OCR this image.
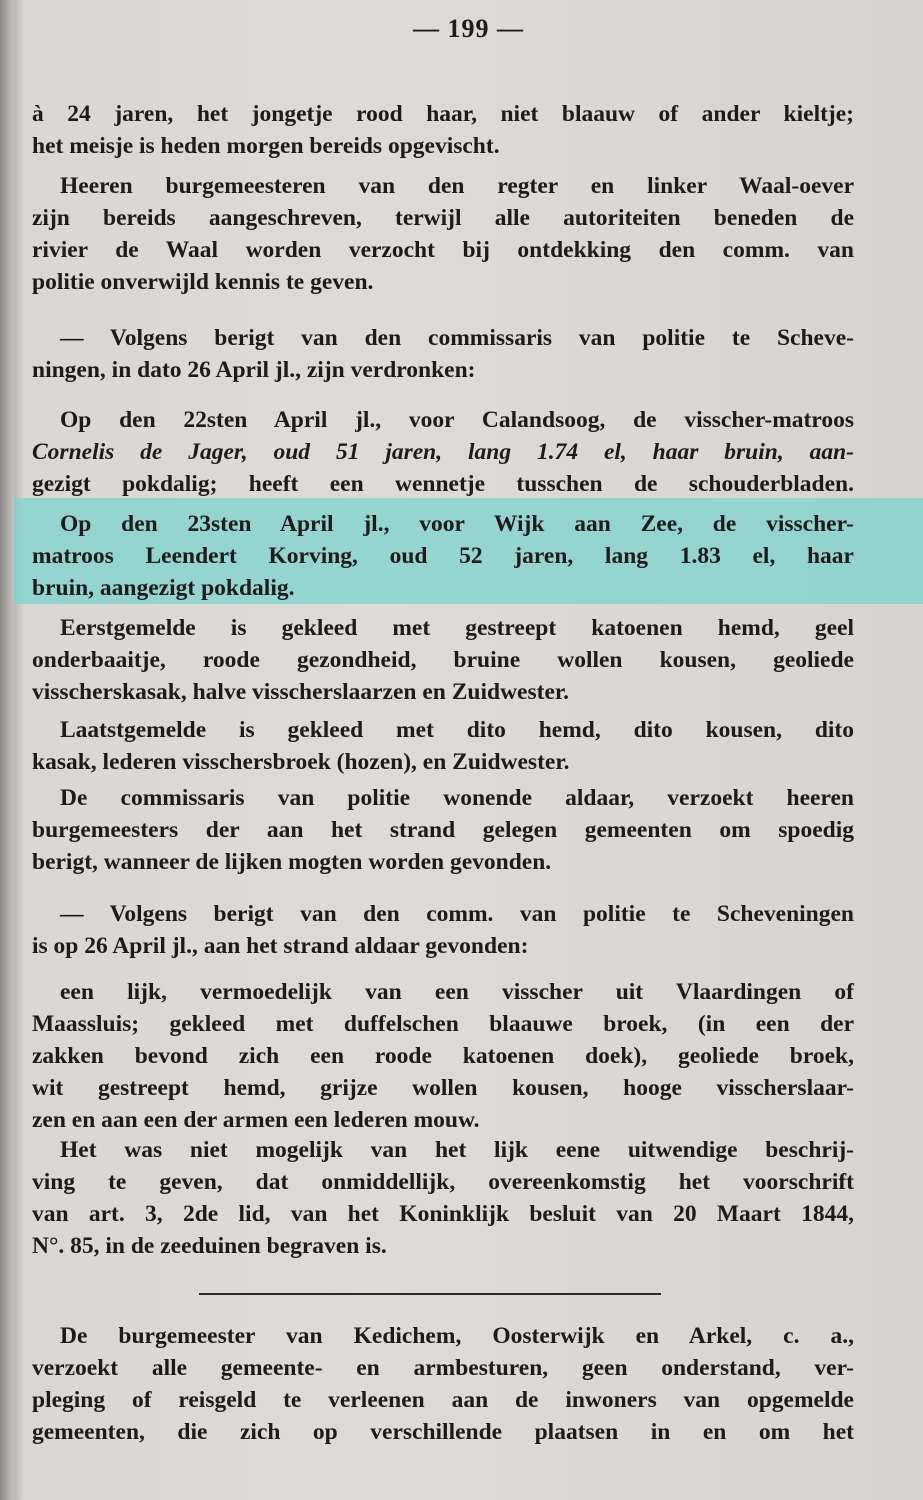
— 199 —
à 24 jaren, het jongetje rood haar, niet blaauw of ander kieltje;
het meisje is heden morgen bereids opgevischt.
Heeren burgemeesteren van den regter en linker Waal-oever
zijn bereids aangeschreven, terwijl alle autoriteiten beneden de
rivier de Waal worden verzocht bij ontdekking den comm. van
politie onverwijld kennis te geven.
— Volgens berigt van den commissaris van politie te Scheve-
ningen, in dato 26 April jl., zijn verdronken:
Op den 22sten April jl., voor Calandsoog, de visscher-matroos
Cornelis de Jager, oud 51 jaren, lang 1.74 el, haar bruin, aan-
gezigt pokdalig; heeft een wennetje tusschen de schouderbladen.
Op den 23sten April jl., voor Wijk aan Zee, de visscher-
matroos Leendert Korving, oud 52 jaren, lang 1.83 el, haar
bruin, aangezigt pokdalig.
Eerstgemelde is gekleed met gestreept katoenen hemd, geel
onderbaaitje, roode gezondheid, bruine wollen kousen, geoliede
visscherskasak, halve visscherslaarzen en Zuidwester.
Laatstgemelde is gekleed met dito hemd, dito kousen, dito
kasak, lederen visschersbroek (hozen), en Zuidwester.
De commissaris van politie wonende aldaar, verzoekt heeren
burgemeesters der aan het strand gelegen gemeenten om spoedig
berigt, wanneer de lijken mogten worden gevonden.
— Volgens berigt van den comm. van politie te Scheveningen
is op 26 April jl., aan het strand aldaar gevonden:
een lijk, vermoedelijk van een visscher uit Vlaardingen of
Maassluis; gekleed met duffelschen blaauwe broek, (in een der
zakken bevond zich een roode katoenen doek), geoliede broek,
wit gestreept hemd, grijze wollen kousen, hooge visscherslaar-
zen en aan een der armen een lederen mouw.
Het was niet mogelijk van het lijk eene uitwendige beschrij-
ving te geven, dat onmiddellijk, overeenkomstig het voorschrift
van art. 3, 2de lid, van het Koninklijk besluit van 20 Maart 1844,
N°. 85, in de zeeduinen begraven is.
De burgemeester van Kedichem, Oosterwijk en Arkel, c. a.,
verzoekt alle gemeente- en armbesturen, geen onderstand, ver-
pleging of reisgeld te verleenen aan de inwoners van opgemelde
gemeenten, die zich op verschillende plaatsen in en om het
